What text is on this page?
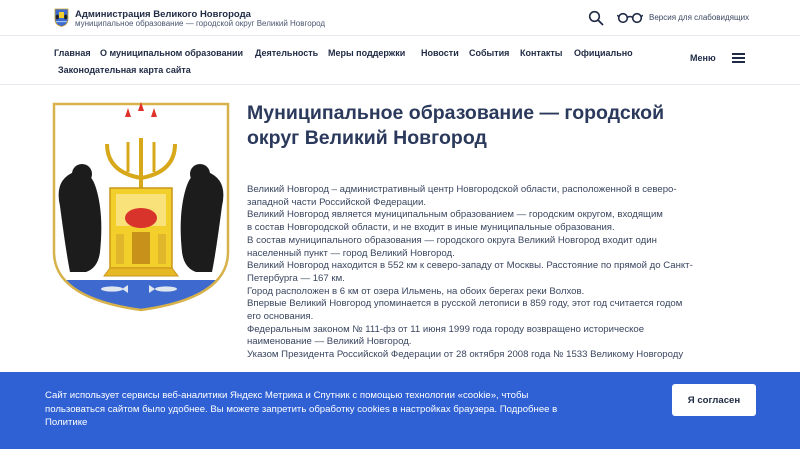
Администрация Великого Новгорода
муниципальное образование — городской округ Великий Новгород
Версия для слабовидящих
Главная О муниципальном образовании Деятельность Меры поддержки Новости События Контакты Официально
Законодательная карта сайта
Меню
Муниципальное образование — городской
округ Великий Новгород

Великий Новгород – административный центр Новгородской области, расположенной в северо-

западной части Российской Федерации.

Великий Новгород является муниципальным образованием — городским округом, входящим

в состав Новгородской области, и не входит в иные муниципальные образования.

В состав муниципального образования — городского округа Великий Новгород входит один

населенный пункт — город Великий Новгород.

Великий Новгород находится в 552 км к северо-западу от Москвы. Расстояние по прямой до Санкт-

Петербурга — 167 км.

Город расположен в 6 км от озера Ильмень, на обоих берегах реки Волхов.

Впервые Великий Новгород упоминается в русской летописи в 859 году, этот год считается годом

его основания.

Федеральным законом № 111-фз от 11 июня 1999 года городу возвращено историческое

наименование — Великий Новгород.

Указом Президента Российской Федерации от 28 октября 2008 года № 1533 Великому Новгороду

Сайт использует сервисы веб-аналитики Яндекс Метрика и Спутник с помощью технологии «cookie», чтобы

пользоваться сайтом было удобнее. Вы можете запретить обработку cookies в настройках браузера. Подробнее в

Политике

Я согласен
